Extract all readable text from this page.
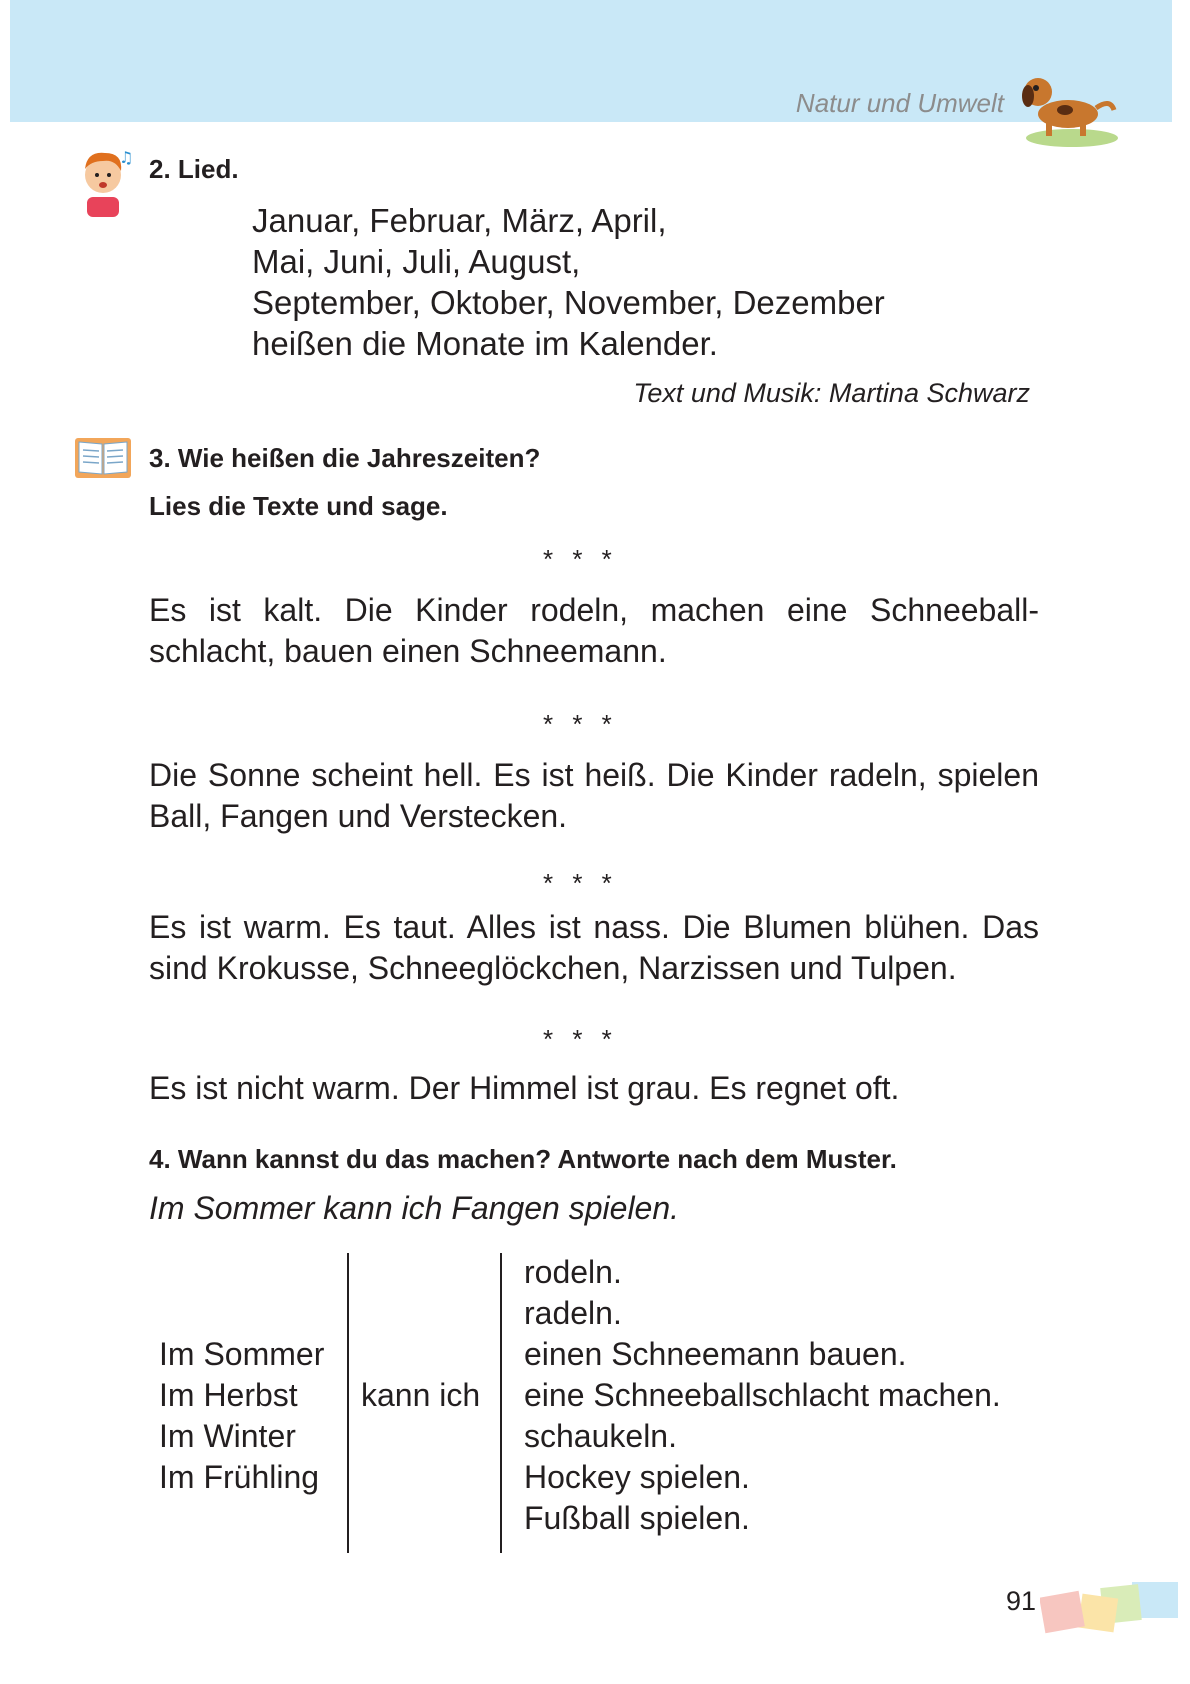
Natur und Umwelt
♫ 2. Lied.
Januar, Februar, März, April,
Mai, Juni, Juli, August,
September, Oktober, November, Dezember
heißen die Monate im Kalender.
Text und Musik: Martina Schwarz
3. Wie heißen die Jahreszeiten?
Lies die Texte und sage.
* * *
Es ist kalt. Die Kinder rodeln, machen eine Schneeball-schlacht, bauen einen Schneemann.
* * *
Die Sonne scheint hell. Es ist heiß. Die Kinder radeln, spielen Ball, Fangen und Verstecken.
* * *
Es ist warm. Es taut. Alles ist nass. Die Blumen blühen. Das sind Krokusse, Schneeglöckchen, Narzissen und Tulpen.
* * *
Es ist nicht warm. Der Himmel ist grau. Es regnet oft.
4. Wann kannst du das machen? Antworte nach dem Muster.
Im Sommer kann ich Fangen spielen.
Im Sommer
Im Herbst
Im Winter
Im Frühling
kann ich
rodeln.
radeln.
einen Schneemann bauen.
eine Schneeballschlacht machen.
schaukeln.
Hockey spielen.
Fußball spielen.
91
